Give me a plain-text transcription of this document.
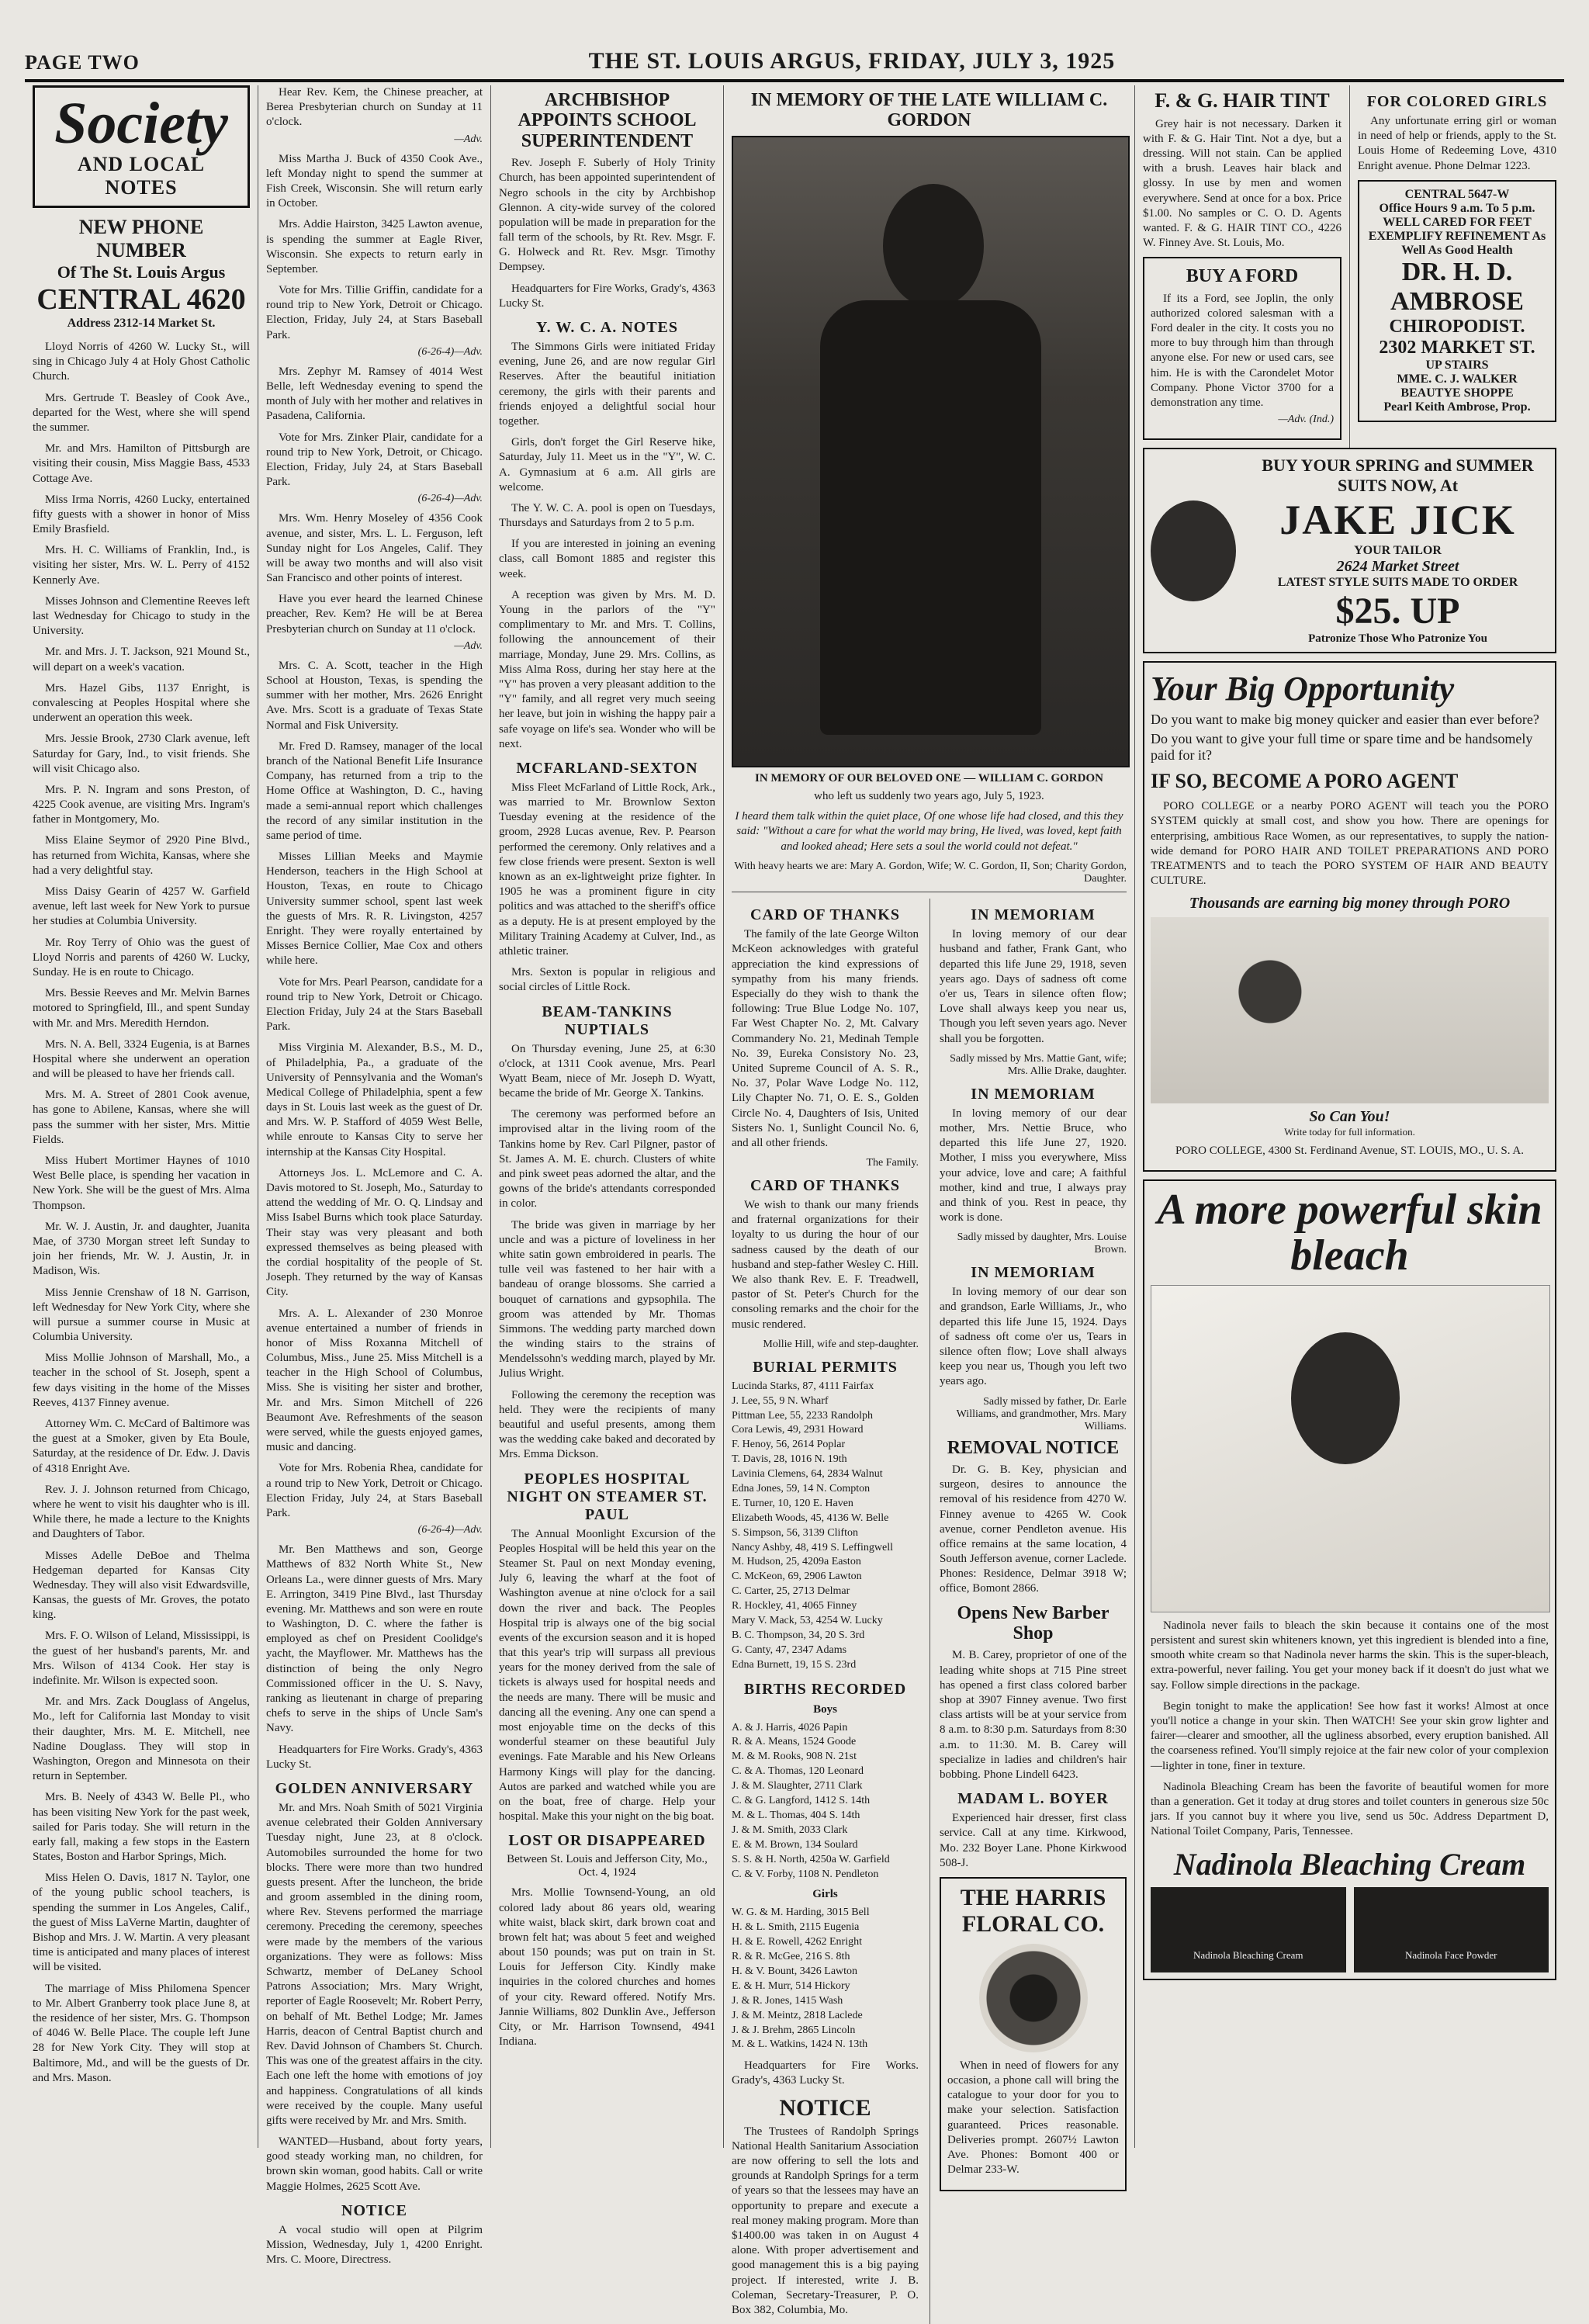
PAGE TWO	THE ST. LOUIS ARGUS, FRIDAY, JULY 3, 1925
Society
AND LOCAL NOTES
NEW PHONE NUMBER
Of The St. Louis Argus
CENTRAL 4620
Address 2312-14 Market St.

Lloyd Norris of 4260 W. Lucky St., will sing in Chicago July 4 at Holy Ghost Catholic Church.

Mrs. Gertrude T. Beasley of Cook Ave., departed for the West, where she will spend the summer.

Mr. and Mrs. Hamilton of Pittsburgh are visiting their cousin, Miss Maggie Bass, 4533 Cottage Ave.

Miss Irma Norris, 4260 Lucky, entertained fifty guests with a shower in honor of Miss Emily Brasfield.

Mrs. H. C. Williams of Franklin, Ind., is visiting her sister, Mrs. W. L. Perry of 4152 Kennerly Ave.

Misses Johnson and Clementine Reeves left last Wednesday for Chicago to study in the University.

Mr. and Mrs. J. T. Jackson, 921 Mound St., will depart on a week's vacation.

Mrs. Hazel Gibs, 1137 Enright, is convalescing at Peoples Hospital where she underwent an operation this week.

Mrs. Jessie Brook, 2730 Clark avenue, left Saturday for Gary, Ind., to visit friends. She will visit Chicago also.

Mrs. P. N. Ingram and sons Preston, of 4225 Cook avenue, are visiting Mrs. Ingram's father in Montgomery, Mo.

Miss Elaine Seymor of 2920 Pine Blvd., has returned from Wichita, Kansas, where she had a very delightful stay.

Miss Daisy Gearin of 4257 W. Garfield avenue, left last week for New York to pursue her studies at Columbia University.

Mr. Roy Terry of Ohio was the guest of Lloyd Norris and parents of 4260 W. Lucky, Sunday. He is en route to Chicago.

Mrs. Bessie Reeves and Mr. Melvin Barnes motored to Springfield, Ill., and spent Sunday with Mr. and Mrs. Meredith Herndon.

Mrs. N. A. Bell, 3324 Eugenia, is at Barnes Hospital where she underwent an operation and will be pleased to have her friends call.

Mrs. M. A. Street of 2801 Cook avenue, has gone to Abilene, Kansas, where she will pass the summer with her sister, Mrs. Mittie Fields.

Miss Hubert Mortimer Haynes of 1010 West Belle place, is spending her vacation in New York. She will be the guest of Mrs. Alma Thompson.

Mr. W. J. Austin, Jr. and daughter, Juanita Mae, of 3730 Morgan street left Sunday to join her friends, Mr. W. J. Austin, Jr. in Madison, Wis.

Miss Jennie Crenshaw of 18 N. Garrison, left Wednesday for New York City, where she will pursue a summer course in Music at Columbia University.

Miss Mollie Johnson of Marshall, Mo., a teacher in the school of St. Joseph, spent a few days visiting in the home of the Misses Reeves, 4137 Finney avenue.

Attorney Wm. C. McCard of Baltimore was the guest at a Smoker, given by Eta Boule, Saturday, at the residence of Dr. Edw. J. Davis of 4318 Enright Ave.

Rev. J. J. Johnson returned from Chicago, where he went to visit his daughter who is ill. While there, he made a lecture to the Knights and Daughters of Tabor.

Misses Adelle DeBoe and Thelma Hedgeman departed for Kansas City Wednesday. They will also visit Edwardsville, Kansas, the guests of Mr. Groves, the potato king.

Mrs. F. O. Wilson of Leland, Mississippi, is the guest of her husband's parents, Mr. and Mrs. Wilson of 4134 Cook. Her stay is indefinite. Mr. Wilson is expected soon.

Mr. and Mrs. Zack Douglass of Angelus, Mo., left for California last Monday to visit their daughter, Mrs. M. E. Mitchell, nee Nadine Douglass. They will stop in Washington, Oregon and Minnesota on their return in September.

Mrs. B. Neely of 4343 W. Belle Pl., who has been visiting New York for the past week, sailed for Paris today. She will return in the early fall, making a few stops in the Eastern States, Boston and Harbor Springs, Mich.

Miss Helen O. Davis, 1817 N. Taylor, one of the young public school teachers, is spending the summer in Los Angeles, Calif., the guest of Miss LaVerne Martin, daughter of Bishop and Mrs. J. W. Martin. A very pleasant time is anticipated and many places of interest will be visited.

The marriage of Miss Philomena Spencer to Mr. Albert Granberry took place June 8, at the residence of her sister, Mrs. G. Thompson of 4046 W. Belle Place. The couple left June 28 for New York City. They will stop at Baltimore, Md., and will be the guests of Dr. and Mrs. Mason.

Hear Rev. Kem, the Chinese preacher, at Berea Presbyterian church on Sunday at 11 o'clock.

—Adv.

Miss Martha J. Buck of 4350 Cook Ave., left Monday night to spend the summer at Fish Creek, Wisconsin. She will return early in October.

Mrs. Addie Hairston, 3425 Lawton avenue, is spending the summer at Eagle River, Wisconsin. She expects to return early in September.

Vote for Mrs. Tillie Griffin, candidate for a round trip to New York, Detroit or Chicago. Election, Friday, July 24, at Stars Baseball Park.

(6-26-4)—Adv.

Mrs. Zephyr M. Ramsey of 4014 West Belle, left Wednesday evening to spend the month of July with her mother and relatives in Pasadena, California.

Vote for Mrs. Zinker Plair, candidate for a round trip to New York, Detroit, or Chicago. Election, Friday, July 24, at Stars Baseball Park.

(6-26-4)—Adv.

Mrs. Wm. Henry Moseley of 4356 Cook avenue, and sister, Mrs. L. L. Ferguson, left Sunday night for Los Angeles, Calif. They will be away two months and will also visit San Francisco and other points of interest.

Have you ever heard the learned Chinese preacher, Rev. Kem? He will be at Berea Presbyterian church on Sunday at 11 o'clock.

—Adv.

Mrs. C. A. Scott, teacher in the High School at Houston, Texas, is spending the summer with her mother, Mrs. 2626 Enright Ave. Mrs. Scott is a graduate of Texas State Normal and Fisk University.

Mr. Fred D. Ramsey, manager of the local branch of the National Benefit Life Insurance Company, has returned from a trip to the Home Office at Washington, D. C., having made a semi-annual report which challenges the record of any similar institution in the same period of time.

Misses Lillian Meeks and Maymie Henderson, teachers in the High School at Houston, Texas, en route to Chicago University summer school, spent last week the guests of Mrs. R. R. Livingston, 4257 Enright. They were royally entertained by Misses Bernice Collier, Mae Cox and others while here.

Vote for Mrs. Pearl Pearson, candidate for a round trip to New York, Detroit or Chicago. Election Friday, July 24 at the Stars Baseball Park.

Miss Virginia M. Alexander, B.S., M. D., of Philadelphia, Pa., a graduate of the University of Pennsylvania and the Woman's Medical College of Philadelphia, spent a few days in St. Louis last week as the guest of Dr. and Mrs. W. P. Stafford of 4059 West Belle, while enroute to Kansas City to serve her internship at the Kansas City Hospital.

Attorneys Jos. L. McLemore and C. A. Davis motored to St. Joseph, Mo., Saturday to attend the wedding of Mr. O. Q. Lindsay and Miss Isabel Burns which took place Saturday. Their stay was very pleasant and both expressed themselves as being pleased with the cordial hospitality of the people of St. Joseph. They returned by the way of Kansas City.

Mrs. A. L. Alexander of 230 Monroe avenue entertained a number of friends in honor of Miss Roxanna Mitchell of Columbus, Miss., June 25. Miss Mitchell is a teacher in the High School of Columbus, Miss. She is visiting her sister and brother, Mr. and Mrs. Simon Mitchell of 226 Beaumont Ave. Refreshments of the season were served, while the guests enjoyed games, music and dancing.

Vote for Mrs. Robenia Rhea, candidate for a round trip to New York, Detroit or Chicago. Election Friday, July 24, at Stars Baseball Park.

(6-26-4)—Adv.

Mr. Ben Matthews and son, George Matthews of 832 North White St., New Orleans La., were dinner guests of Mrs. Mary E. Arrington, 3419 Pine Blvd., last Thursday evening. Mr. Matthews and son were en route to Washington, D. C. where the father is employed as chef on President Coolidge's yacht, the Mayflower. Mr. Matthews has the distinction of being the only Negro Commissioned officer in the U. S. Navy, ranking as lieutenant in charge of preparing chefs to serve in the ships of Uncle Sam's Navy.

Headquarters for Fire Works. Grady's, 4363 Lucky St.

GOLDEN ANNIVERSARY

Mr. and Mrs. Noah Smith of 5021 Virginia avenue celebrated their Golden Anniversary Tuesday night, June 23, at 8 o'clock. Automobiles surrounded the home for two blocks. There were more than two hundred guests present. After the luncheon, the bride and groom assembled in the dining room, where Rev. Stevens performed the marriage ceremony. Preceding the ceremony, speeches were made by the members of the various organizations. They were as follows: Miss Schwartz, member of DeLaney School Patrons Association; Mrs. Mary Wright, reporter of Eagle Roosevelt; Mr. Robert Perry, on behalf of Mt. Bethel Lodge; Mr. James Harris, deacon of Central Baptist church and Rev. David Johnson of Chambers St. Church. This was one of the greatest affairs in the city. Each one left the home with emotions of joy and happiness. Congratulations of all kinds were received by the couple. Many useful gifts were received by Mr. and Mrs. Smith.

WANTED—Husband, about forty years, good steady working man, no children, for brown skin woman, good habits. Call or write Maggie Holmes, 2625 Scott Ave.

NOTICE

A vocal studio will open at Pilgrim Mission, Wednesday, July 1, 4200 Enright. Mrs. C. Moore, Directress.

ARCHBISHOP APPOINTS SCHOOL SUPERINTENDENT

Rev. Joseph F. Suberly of Holy Trinity Church, has been appointed superintendent of Negro schools in the city by Archbishop Glennon. A city-wide survey of the colored population will be made in preparation for the fall term of the schools, by Rt. Rev. Msgr. F. G. Holweck and Rt. Rev. Msgr. Timothy Dempsey.

Headquarters for Fire Works, Grady's, 4363 Lucky St.

Y. W. C. A. NOTES

The Simmons Girls were initiated Friday evening, June 26, and are now regular Girl Reserves. After the beautiful initiation ceremony, the girls with their parents and friends enjoyed a delightful social hour together.

Girls, don't forget the Girl Reserve hike, Saturday, July 11. Meet us in the "Y", W. C. A. Gymnasium at 6 a.m. All girls are welcome.

The Y. W. C. A. pool is open on Tuesdays, Thursdays and Saturdays from 2 to 5 p.m.

If you are interested in joining an evening class, call Bomont 1885 and register this week.

A reception was given by Mrs. M. D. Young in the parlors of the "Y" complimentary to Mr. and Mrs. T. Collins, following the announcement of their marriage, Monday, June 29. Mrs. Collins, as Miss Alma Ross, during her stay here at the "Y" has proven a very pleasant addition to the "Y" family, and all regret very much seeing her leave, but join in wishing the happy pair a safe voyage on life's sea. Wonder who will be next.

MCFARLAND-SEXTON

Miss Fleet McFarland of Little Rock, Ark., was married to Mr. Brownlow Sexton Tuesday evening at the residence of the groom, 2928 Lucas avenue, Rev. P. Pearson performed the ceremony. Only relatives and a few close friends were present. Sexton is well known as an ex-lightweight prize fighter. In 1905 he was a prominent figure in city politics and was attached to the sheriff's office as a deputy. He is at present employed by the Military Training Academy at Culver, Ind., as athletic trainer.

Mrs. Sexton is popular in religious and social circles of Little Rock.

BEAM-TANKINS NUPTIALS

On Thursday evening, June 25, at 6:30 o'clock, at 1311 Cook avenue, Mrs. Pearl Wyatt Beam, niece of Mr. Joseph D. Wyatt, became the bride of Mr. George X. Tankins.

The ceremony was performed before an improvised altar in the living room of the Tankins home by Rev. Carl Pilgner, pastor of St. James A. M. E. church. Clusters of white and pink sweet peas adorned the altar, and the gowns of the bride's attendants corresponded in color.

The bride was given in marriage by her uncle and was a picture of loveliness in her white satin gown embroidered in pearls. The tulle veil was fastened to her hair with a bandeau of orange blossoms. She carried a bouquet of carnations and gypsophila. The groom was attended by Mr. Thomas Simmons. The wedding party marched down the winding stairs to the strains of Mendelssohn's wedding march, played by Mr. Julius Wright.

Following the ceremony the reception was held. They were the recipients of many beautiful and useful presents, among them was the wedding cake baked and decorated by Mrs. Emma Dickson.

PEOPLES HOSPITAL NIGHT ON STEAMER ST. PAUL

The Annual Moonlight Excursion of the Peoples Hospital will be held this year on the Steamer St. Paul on next Monday evening, July 6, leaving the wharf at the foot of Washington avenue at nine o'clock for a sail down the river and back. The Peoples Hospital trip is always one of the big social events of the excursion season and it is hoped that this year's trip will surpass all previous years for the money derived from the sale of tickets is always used for hospital needs and the needs are many. There will be music and dancing all the evening. Any one can spend a most enjoyable time on the decks of this wonderful steamer on these beautiful July evenings. Fate Marable and his New Orleans Harmony Kings will play for the dancing. Autos are parked and watched while you are on the boat, free of charge. Help your hospital. Make this your night on the big boat.

LOST OR DISAPPEARED
Between St. Louis and Jefferson City, Mo., Oct. 4, 1924

Mrs. Mollie Townsend-Young, an old colored lady about 86 years old, wearing white waist, black skirt, dark brown coat and brown felt hat; was about 5 feet and weighed about 150 pounds; was put on train in St. Louis for Jefferson City. Kindly make inquiries in the colored churches and homes of your city. Reward offered. Notify Mrs. Jannie Williams, 802 Dunklin Ave., Jefferson City, or Mr. Harrison Townsend, 4941 Indiana.

IN MEMORY OF THE LATE WILLIAM C. GORDON
IN MEMORY OF OUR BELOVED ONE — WILLIAM C. GORDON
who left us suddenly two years ago, July 5, 1923.
I heard them talk within the quiet place, Of one whose life had closed, and this they said: "Without a care for what the world may bring, He lived, was loved, kept faith and looked ahead; Here sets a soul the world could not defeat."
With heavy hearts we are: Mary A. Gordon, Wife; W. C. Gordon, II, Son; Charity Gordon, Daughter.
CARD OF THANKS

The family of the late George Wilton McKeon acknowledges with grateful appreciation the kind expressions of sympathy from his many friends. Especially do they wish to thank the following: True Blue Lodge No. 107, Far West Chapter No. 2, Mt. Calvary Commandery No. 21, Medinah Temple No. 39, Eureka Consistory No. 23, United Supreme Council of A. S. R., No. 37, Polar Wave Lodge No. 112, Lily Chapter No. 71, O. E. S., Golden Circle No. 4, Daughters of Isis, United Sisters No. 1, Sunlight Council No. 6, and all other friends.

The Family.
CARD OF THANKS

We wish to thank our many friends and fraternal organizations for their loyalty to us during the hour of our sadness caused by the death of our husband and step-father Wesley C. Hill. We also thank Rev. E. F. Treadwell, pastor of St. Peter's Church for the consoling remarks and the choir for the music rendered.

Mollie Hill, wife and step-daughter.
BURIAL PERMITS
Lucinda Starks, 87, 4111 Fairfax
J. Lee, 55, 9 N. Wharf
Pittman Lee, 55, 2233 Randolph
Cora Lewis, 49, 2931 Howard
F. Henoy, 56, 2614 Poplar
T. Davis, 28, 1016 N. 19th
Lavinia Clemens, 64, 2834 Walnut
Edna Jones, 59, 14 N. Compton
E. Turner, 10, 120 E. Haven
Elizabeth Woods, 45, 4136 W. Belle
S. Simpson, 56, 3139 Clifton
Nancy Ashby, 48, 419 S. Leffingwell
M. Hudson, 25, 4209a Easton
C. McKeon, 69, 2906 Lawton
C. Carter, 25, 2713 Delmar
R. Hockley, 41, 4065 Finney
Mary V. Mack, 53, 4254 W. Lucky
B. C. Thompson, 34, 20 S. 3rd
G. Canty, 47, 2347 Adams
Edna Burnett, 19, 15 S. 23rd
BIRTHS RECORDED
Boys
A. & J. Harris, 4026 Papin
R. & A. Means, 1524 Goode
M. & M. Rooks, 908 N. 21st
C. & A. Thomas, 120 Leonard
J. & M. Slaughter, 2711 Clark
C. & G. Langford, 1412 S. 14th
M. & L. Thomas, 404 S. 14th
J. & M. Smith, 2033 Clark
E. & M. Brown, 134 Soulard
S. S. & H. North, 4250a W. Garfield
C. & V. Forby, 1108 N. Pendleton
Girls
W. G. & M. Harding, 3015 Bell
H. & L. Smith, 2115 Eugenia
H. & E. Rowell, 4262 Enright
R. & R. McGee, 216 S. 8th
H. & V. Bount, 3426 Lawton
E. & H. Murr, 514 Hickory
J. & R. Jones, 1415 Wash
J. & M. Meintz, 2818 Laclede
J. & J. Brehm, 2865 Lincoln
M. & L. Watkins, 1424 N. 13th

Headquarters for Fire Works. Grady's, 4363 Lucky St.

NOTICE

The Trustees of Randolph Springs National Health Sanitarium Association are now offering to sell the lots and grounds at Randolph Springs for a term of years so that the lessees may have an opportunity to prepare and execute a real money making program. More than $1400.00 was taken in on August 4 alone. With proper advertisement and good management this is a big paying project. If interested, write J. B. Coleman, Secretary-Treasurer, P. O. Box 382, Columbia, Mo.

IN MEMORIAM

In loving memory of our dear husband and father, Frank Gant, who departed this life June 29, 1918, seven years ago. Days of sadness oft come o'er us, Tears in silence often flow; Love shall always keep you near us, Though you left seven years ago. Never shall you be forgotten.

Sadly missed by Mrs. Mattie Gant, wife; Mrs. Allie Drake, daughter.
IN MEMORIAM

In loving memory of our dear mother, Mrs. Nettie Bruce, who departed this life June 27, 1920. Mother, I miss you everywhere, Miss your advice, love and care; A faithful mother, kind and true, I always pray and think of you. Rest in peace, thy work is done.

Sadly missed by daughter, Mrs. Louise Brown.
IN MEMORIAM

In loving memory of our dear son and grandson, Earle Williams, Jr., who departed this life June 15, 1924. Days of sadness oft come o'er us, Tears in silence often flow; Love shall always keep you near us, Though you left two years ago.

Sadly missed by father, Dr. Earle Williams, and grandmother, Mrs. Mary Williams.
REMOVAL NOTICE

Dr. G. B. Key, physician and surgeon, desires to announce the removal of his residence from 4270 W. Finney avenue to 4265 W. Cook avenue, corner Pendleton avenue. His office remains at the same location, 4 South Jefferson avenue, corner Laclede. Phones: Residence, Delmar 3918 W; office, Bomont 2866.

Opens New Barber Shop

M. B. Carey, proprietor of one of the leading white shops at 715 Pine street has opened a first class colored barber shop at 3907 Finney avenue. Two first class artists will be at your service from 8 a.m. to 8:30 p.m. Saturdays from 8:30 a.m. to 11:30. M. B. Carey will specialize in ladies and children's hair bobbing. Phone Lindell 6423.

MADAM L. BOYER

Experienced hair dresser, first class service. Call at any time. Kirkwood, Mo. 232 Boyer Lane. Phone Kirkwood 508-J.

THE HARRIS FLORAL CO.

When in need of flowers for any occasion, a phone call will bring the catalogue to your door for you to make your selection. Satisfaction guaranteed. Prices reasonable. Deliveries prompt. 2607½ Lawton Ave. Phones: Bomont 400 or Delmar 233-W.

F. & G. HAIR TINT

Grey hair is not necessary. Darken it with F. & G. Hair Tint. Not a dye, but a dressing. Will not stain. Can be applied with a brush. Leaves hair black and glossy. In use by men and women everywhere. Send at once for a box. Price $1.00. No samples or C. O. D. Agents wanted. F. & G. HAIR TINT CO., 4226 W. Finney Ave. St. Louis, Mo.

BUY A FORD

If its a Ford, see Joplin, the only authorized colored salesman with a Ford dealer in the city. It costs you no more to buy through him than through anyone else. For new or used cars, see him. He is with the Carondelet Motor Company. Phone Victor 3700 for a demonstration any time.

—Adv. (Ind.)
FOR COLORED GIRLS

Any unfortunate erring girl or woman in need of help or friends, apply to the St. Louis Home of Redeeming Love, 4310 Enright avenue. Phone Delmar 1223.

CENTRAL 5647-W
Office Hours 9 a.m. To 5 p.m.
WELL CARED FOR FEET EXEMPLIFY REFINEMENT As Well As Good Health
DR. H. D. AMBROSE
CHIROPODIST.
2302 MARKET ST.
UP STAIRS
MME. C. J. WALKER BEAUTYE SHOPPE
Pearl Keith Ambrose, Prop.
BUY YOUR SPRING and SUMMER SUITS NOW, At
JAKE JICK
YOUR TAILOR
2624 Market Street
LATEST STYLE SUITS MADE TO ORDER
$25. UP
Patronize Those Who Patronize You
Your Big Opportunity
Do you want to make big money quicker and easier than ever before?
Do you want to give your full time or spare time and be handsomely paid for it?
IF SO, BECOME A PORO AGENT

PORO COLLEGE or a nearby PORO AGENT will teach you the PORO SYSTEM quickly at small cost, and show you how. There are openings for enterprising, ambitious Race Women, as our representatives, to supply the nation-wide demand for PORO HAIR AND TOILET PREPARATIONS AND PORO TREATMENTS and to teach the PORO SYSTEM OF HAIR AND BEAUTY CULTURE.

Thousands are earning big money through PORO
So Can You!
Write today for full information.
PORO COLLEGE, 4300 St. Ferdinand Avenue, ST. LOUIS, MO., U. S. A.
A more powerful skin bleach

Nadinola never fails to bleach the skin because it contains one of the most persistent and surest skin whiteners known, yet this ingredient is blended into a fine, smooth white cream so that Nadinola never harms the skin. This is the super-bleach, extra-powerful, never failing. You get your money back if it doesn't do just what we say. Follow simple directions in the package.

Begin tonight to make the application! See how fast it works! Almost at once you'll notice a change in your skin. Then WATCH! See your skin grow lighter and fairer—clearer and smoother, all the ugliness absorbed, every eruption banished. All the coarseness refined. You'll simply rejoice at the fair new color of your complexion—lighter in tone, finer in texture.

Nadinola Bleaching Cream has been the favorite of beautiful women for more than a generation. Get it today at drug stores and toilet counters in generous size 50c jars. If you cannot buy it where you live, send us 50c. Address Department D, National Toilet Company, Paris, Tennessee.

Nadinola Bleaching Cream
Nadinola Bleaching Cream	Nadinola Face Powder
